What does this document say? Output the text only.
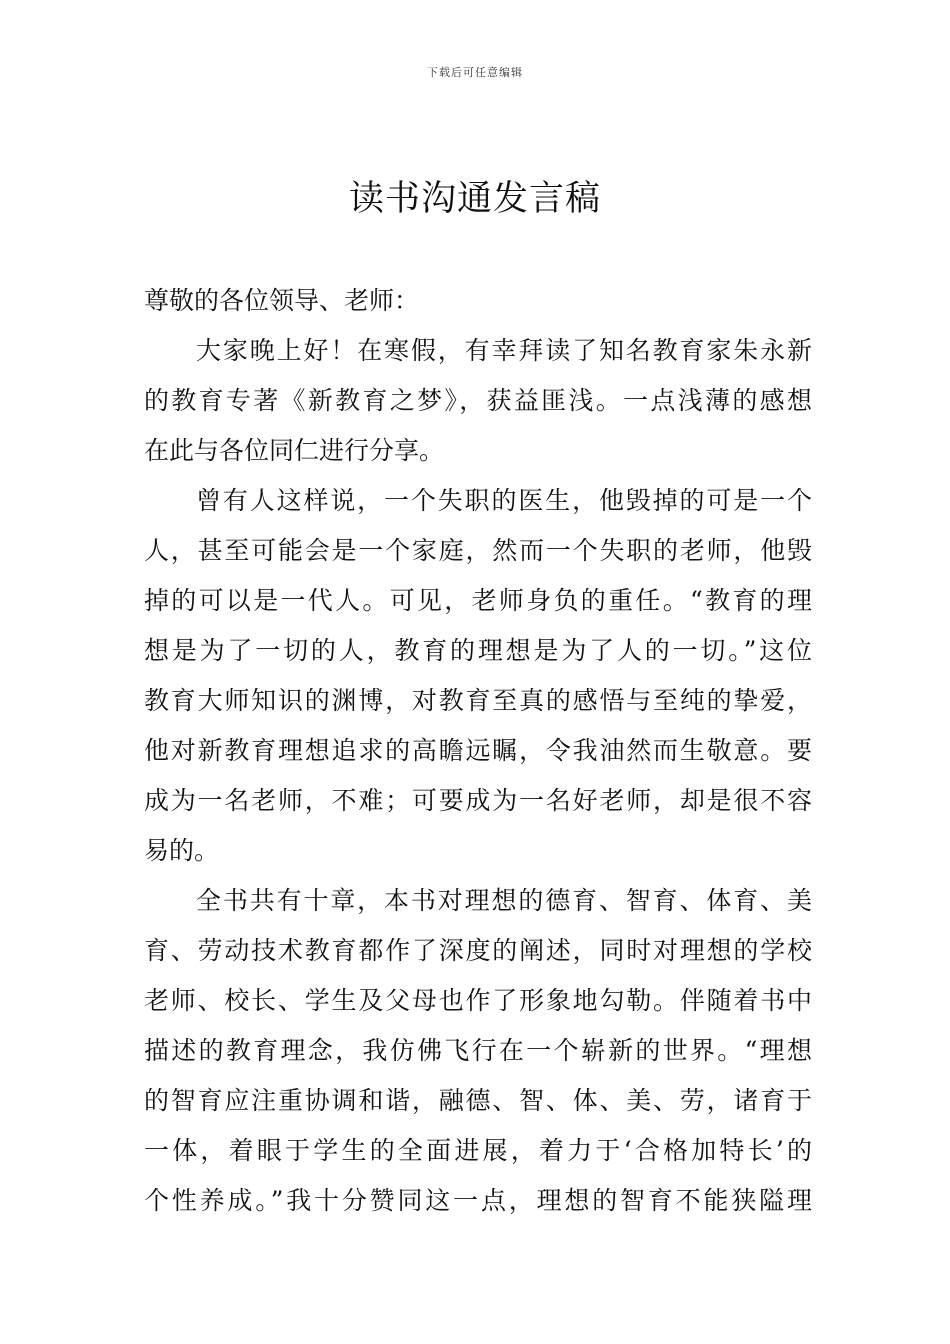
下载后可任意编辑
读书沟通发言稿
尊敬的各位领导、老师：
大家晚上好！在寒假，有幸拜读了知名教育家朱永新
的教育专著《新教育之梦》，获益匪浅。一点浅薄的感想
在此与各位同仁进行分享。
曾有人这样说，一个失职的医生，他毁掉的可是一个
人，甚至可能会是一个家庭，然而一个失职的老师，他毁
掉的可以是一代人。可见，老师身负的重任。“教育的理
想是为了一切的人，教育的理想是为了人的一切。”这位
教育大师知识的渊博，对教育至真的感悟与至纯的挚爱，
他对新教育理想追求的高瞻远瞩，令我油然而生敬意。要
成为一名老师，不难；可要成为一名好老师，却是很不容
易的。
全书共有十章，本书对理想的德育、智育、体育、美
育、劳动技术教育都作了深度的阐述，同时对理想的学校
老师、校长、学生及父母也作了形象地勾勒。伴随着书中
描述的教育理念，我仿佛飞行在一个崭新的世界。“理想
的智育应注重协调和谐，融德、智、体、美、劳，诸育于
一体，着眼于学生的全面进展，着力于‘合格加特长’的
个性养成。”我十分赞同这一点，理想的智育不能狭隘理
